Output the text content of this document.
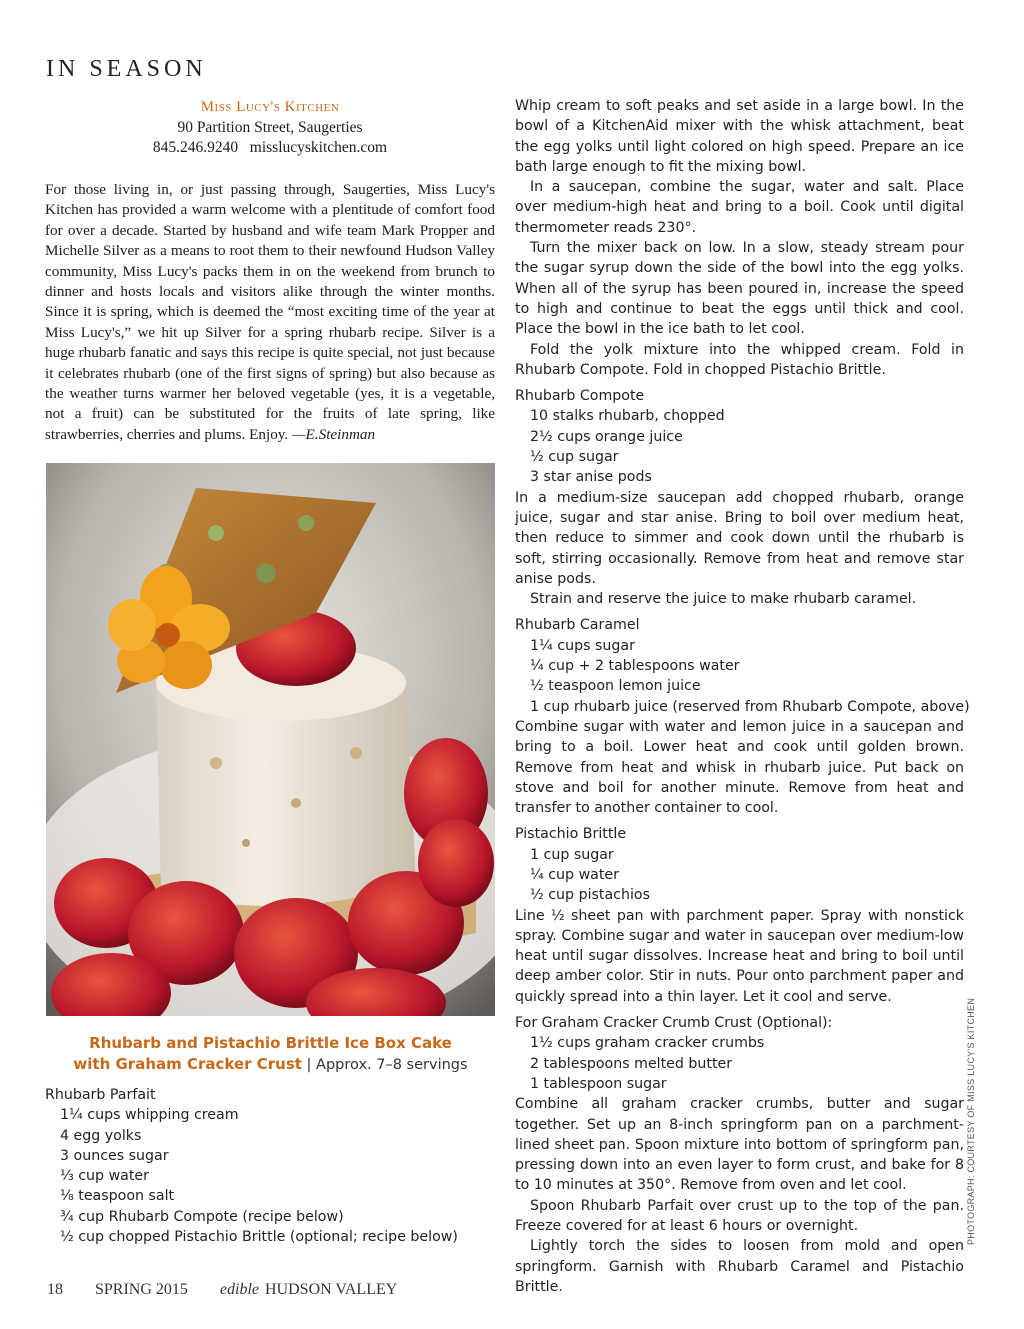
IN SEASON
Miss Lucy's Kitchen
90 Partition Street, Saugerties
845.246.9240   misslucyskitchen.com
For those living in, or just passing through, Saugerties, Miss Lucy's Kitchen has provided a warm welcome with a plentitude of comfort food for over a decade. Started by husband and wife team Mark Propper and Michelle Silver as a means to root them to their newfound Hudson Valley community, Miss Lucy's packs them in on the weekend from brunch to dinner and hosts locals and visitors alike through the winter months. Since it is spring, which is deemed the “most exciting time of the year at Miss Lucy's,” we hit up Silver for a spring rhubarb recipe. Silver is a huge rhubarb fanatic and says this recipe is quite special, not just because it celebrates rhubarb (one of the first signs of spring) but also because as the weather turns warmer her beloved vegetable (yes, it is a vegetable, not a fruit) can be substituted for the fruits of late spring, like strawberries, cherries and plums. Enjoy. —E.Steinman
Rhubarb and Pistachio Brittle Ice Box Cake
with Graham Cracker Crust | Approx. 7–8 servings
Rhubarb Parfait
1¼ cups whipping cream
4 egg yolks
3 ounces sugar
⅓ cup water
⅛ teaspoon salt
¾ cup Rhubarb Compote (recipe below)
½ cup chopped Pistachio Brittle (optional; recipe below)
Whip cream to soft peaks and set aside in a large bowl. In the bowl of a KitchenAid mixer with the whisk attachment, beat the egg yolks until light colored on high speed. Prepare an ice bath large enough to fit the mixing bowl.
In a saucepan, combine the sugar, water and salt. Place over medium-high heat and bring to a boil. Cook until digital thermometer reads 230°.
Turn the mixer back on low. In a slow, steady stream pour the sugar syrup down the side of the bowl into the egg yolks. When all of the syrup has been poured in, increase the speed to high and continue to beat the eggs until thick and cool. Place the bowl in the ice bath to let cool.
Fold the yolk mixture into the whipped cream. Fold in Rhubarb Compote. Fold in chopped Pistachio Brittle.
Rhubarb Compote
10 stalks rhubarb, chopped
2½ cups orange juice
½ cup sugar
3 star anise pods
In a medium-size saucepan add chopped rhubarb, orange juice, sugar and star anise. Bring to boil over medium heat, then reduce to simmer and cook down until the rhubarb is soft, stirring occasionally. Remove from heat and remove star anise pods.
Strain and reserve the juice to make rhubarb caramel.
Rhubarb Caramel
1¼ cups sugar
¼ cup + 2 tablespoons water
½ teaspoon lemon juice
1 cup rhubarb juice (reserved from Rhubarb Compote, above)
Combine sugar with water and lemon juice in a saucepan and bring to a boil. Lower heat and cook until golden brown. Remove from heat and whisk in rhubarb juice. Put back on stove and boil for another minute. Remove from heat and transfer to another container to cool.
Pistachio Brittle
1 cup sugar
¼ cup water
½ cup pistachios
Line ½ sheet pan with parchment paper. Spray with nonstick spray. Combine sugar and water in saucepan over medium-low heat until sugar dissolves. Increase heat and bring to boil until deep amber color. Stir in nuts. Pour onto parchment paper and quickly spread into a thin layer. Let it cool and serve.
For Graham Cracker Crumb Crust (Optional):
1½ cups graham cracker crumbs
2 tablespoons melted butter
1 tablespoon sugar
Combine all graham cracker crumbs, butter and sugar together. Set up an 8-inch springform pan on a parchment-lined sheet pan. Spoon mixture into bottom of springform pan, pressing down into an even layer to form crust, and bake for 8 to 10 minutes at 350°. Remove from oven and let cool.
Spoon Rhubarb Parfait over crust up to the top of the pan. Freeze covered for at least 6 hours or overnight.
Lightly torch the sides to loosen from mold and open springform. Garnish with Rhubarb Caramel and Pistachio Brittle.
PHOTOGRAPH: COURTESY OF MISS LUCY'S KITCHEN
18 SPRING 2015 edible HUDSON VALLEY
